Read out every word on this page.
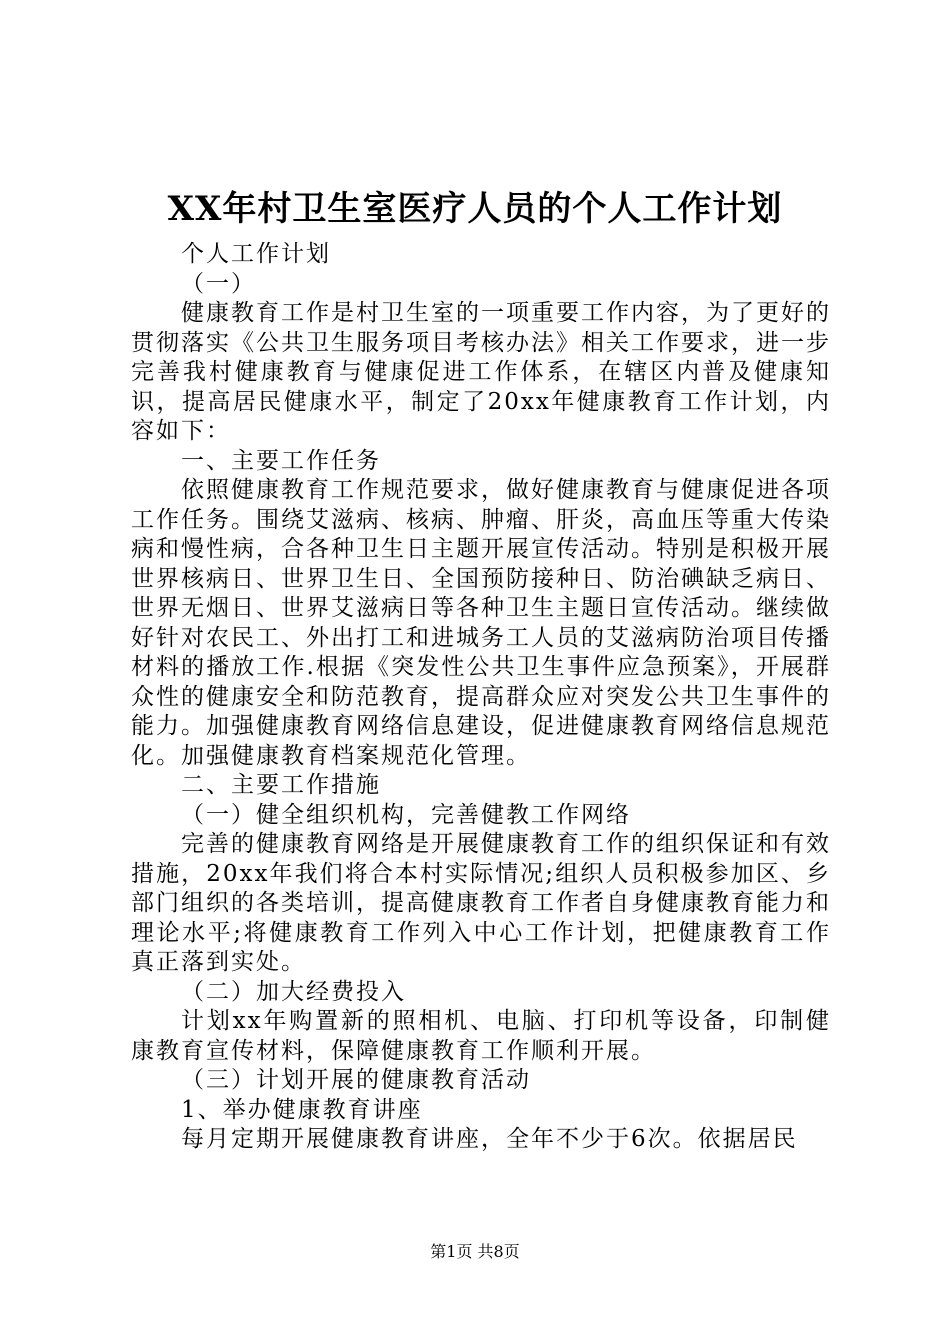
XX年村卫生室医疗人员的个人工作计划

个人工作计划

（一）

健康教育工作是村卫生室的一项重要工作内容，为了更好的贯彻落实《公共卫生服务项目考核办法》相关工作要求，进一步完善我村健康教育与健康促进工作体系，在辖区内普及健康知识，提高居民健康水平，制定了20xx年健康教育工作计划，内容如下：

一、主要工作任务

依照健康教育工作规范要求，做好健康教育与健康促进各项工作任务。围绕艾滋病、核病、肿瘤、肝炎，高血压等重大传染病和慢性病，合各种卫生日主题开展宣传活动。特别是积极开展世界核病日、世界卫生日、全国预防接种日、防治碘缺乏病日、世界无烟日、世界艾滋病日等各种卫生主题日宣传活动。继续做好针对农民工、外出打工和进城务工人员的艾滋病防治项目传播材料的播放工作.根据《突发性公共卫生事件应急预案》，开展群众性的健康安全和防范教育，提高群众应对突发公共卫生事件的能力。加强健康教育网络信息建设，促进健康教育网络信息规范化。加强健康教育档案规范化管理。

二、主要工作措施

（一）健全组织机构，完善健教工作网络

完善的健康教育网络是开展健康教育工作的组织保证和有效措施，20xx年我们将合本村实际情况;组织人员积极参加区、乡部门组织的各类培训，提高健康教育工作者自身健康教育能力和理论水平;将健康教育工作列入中心工作计划，把健康教育工作真正落到实处。

（二）加大经费投入

计划xx年购置新的照相机、电脑、打印机等设备，印制健康教育宣传材料，保障健康教育工作顺利开展。

（三）计划开展的健康教育活动

1、举办健康教育讲座

每月定期开展健康教育讲座，全年不少于6次。依据居民

第1页 共8页
